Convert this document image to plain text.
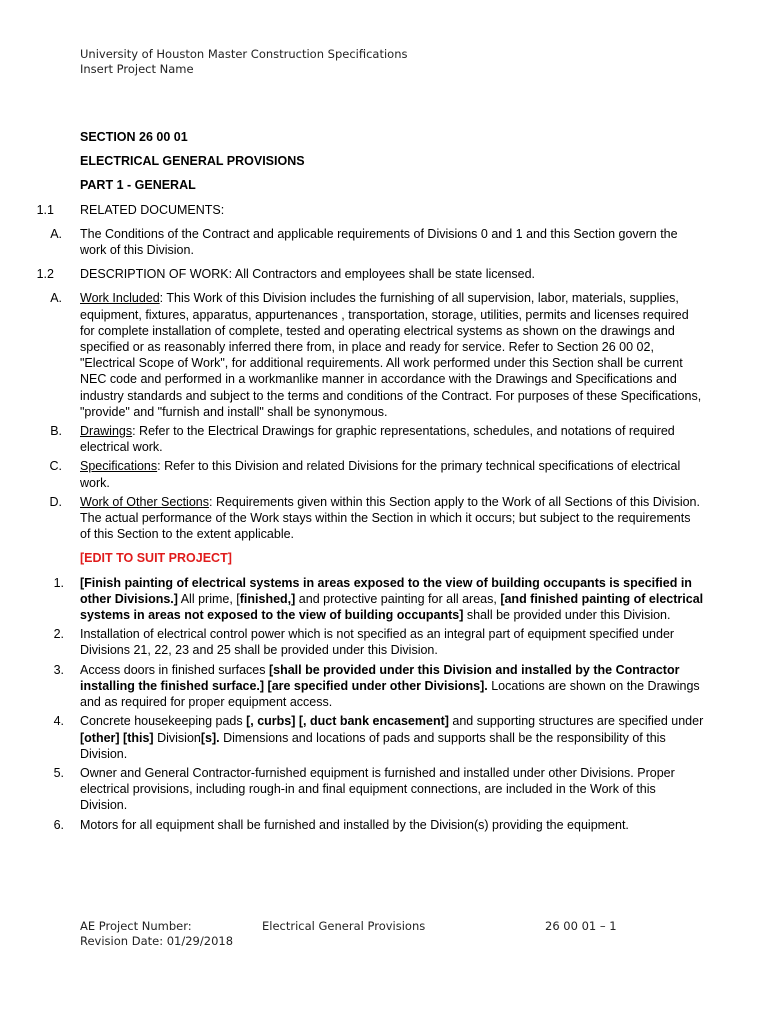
University of Houston Master Construction Specifications
Insert Project Name
SECTION 26 00 01
ELECTRICAL GENERAL PROVISIONS
PART 1 - GENERAL
1.1 RELATED DOCUMENTS:
A. The Conditions of the Contract and applicable requirements of Divisions 0 and 1 and this Section govern the work of this Division.
1.2 DESCRIPTION OF WORK: All Contractors and employees shall be state licensed.
A. Work Included: This Work of this Division includes the furnishing of all supervision, labor, materials, supplies, equipment, fixtures, apparatus, appurtenances , transportation, storage, utilities, permits and licenses required for complete installation of complete, tested and operating electrical systems as shown on the drawings and specified or as reasonably inferred there from, in place and ready for service. Refer to Section 26 00 02, "Electrical Scope of Work", for additional requirements. All work performed under this Section shall be current NEC code and performed in a workmanlike manner in accordance with the Drawings and Specifications and industry standards and subject to the terms and conditions of the Contract. For purposes of these Specifications, "provide" and "furnish and install" shall be synonymous.
B. Drawings: Refer to the Electrical Drawings for graphic representations, schedules, and notations of required electrical work.
C. Specifications: Refer to this Division and related Divisions for the primary technical specifications of electrical work.
D. Work of Other Sections: Requirements given within this Section apply to the Work of all Sections of this Division. The actual performance of the Work stays within the Section in which it occurs; but subject to the requirements of this Section to the extent applicable.
[EDIT TO SUIT PROJECT]
1. [Finish painting of electrical systems in areas exposed to the view of building occupants is specified in other Divisions.] All prime, [finished,] and protective painting for all areas, [and finished painting of electrical systems in areas not exposed to the view of building occupants] shall be provided under this Division.
2. Installation of electrical control power which is not specified as an integral part of equipment specified under Divisions 21, 22, 23 and 25 shall be provided under this Division.
3. Access doors in finished surfaces [shall be provided under this Division and installed by the Contractor installing the finished surface.] [are specified under other Divisions]. Locations are shown on the Drawings and as required for proper equipment access.
4. Concrete housekeeping pads [, curbs] [, duct bank encasement] and supporting structures are specified under [other] [this] Division[s]. Dimensions and locations of pads and supports shall be the responsibility of this Division.
5. Owner and General Contractor-furnished equipment is furnished and installed under other Divisions. Proper electrical provisions, including rough-in and final equipment connections, are included in the Work of this Division.
6. Motors for all equipment shall be furnished and installed by the Division(s) providing the equipment.
AE Project Number:
Revision Date: 01/29/2018
Electrical General Provisions	26 00 01 – 1
